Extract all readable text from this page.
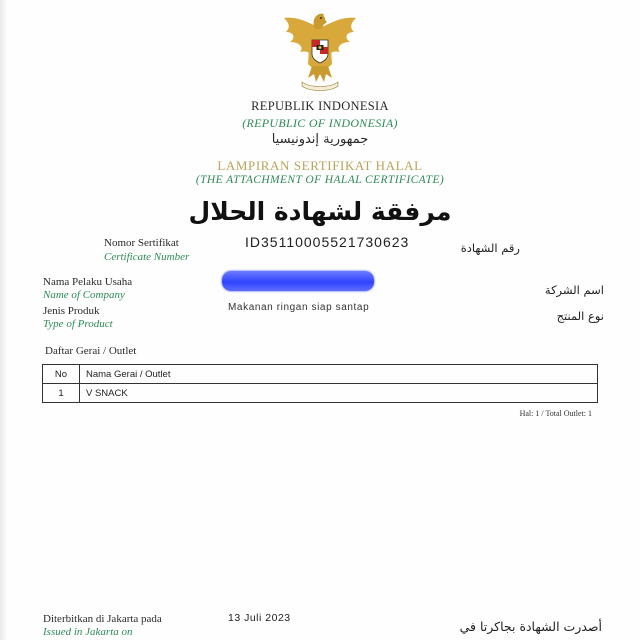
REPUBLIK INDONESIA
(REPUBLIC OF INDONESIA)
جمهورية إندونيسيا
LAMPIRAN SERTIFIKAT HALAL
(THE ATTACHMENT OF HALAL CERTIFICATE)
مرفقة لشهادة الحلال
Nomor Sertifikat
Certificate Number
ID35110005521730623	رقم الشهادة
Nama Pelaku Usaha
Name of Company	اسم الشركة
Jenis Produk
Type of Product
Makanan ringan siap santap
نوع المنتج
Daftar Gerai / Outlet
No	Nama Gerai / Outlet
1	V SNACK
Hal: 1 / Total Outlet: 1
Diterbitkan di Jakarta pada
Issued in Jakarta on
13 Juli 2023
أصدرت الشهادة بجاكرتا في
